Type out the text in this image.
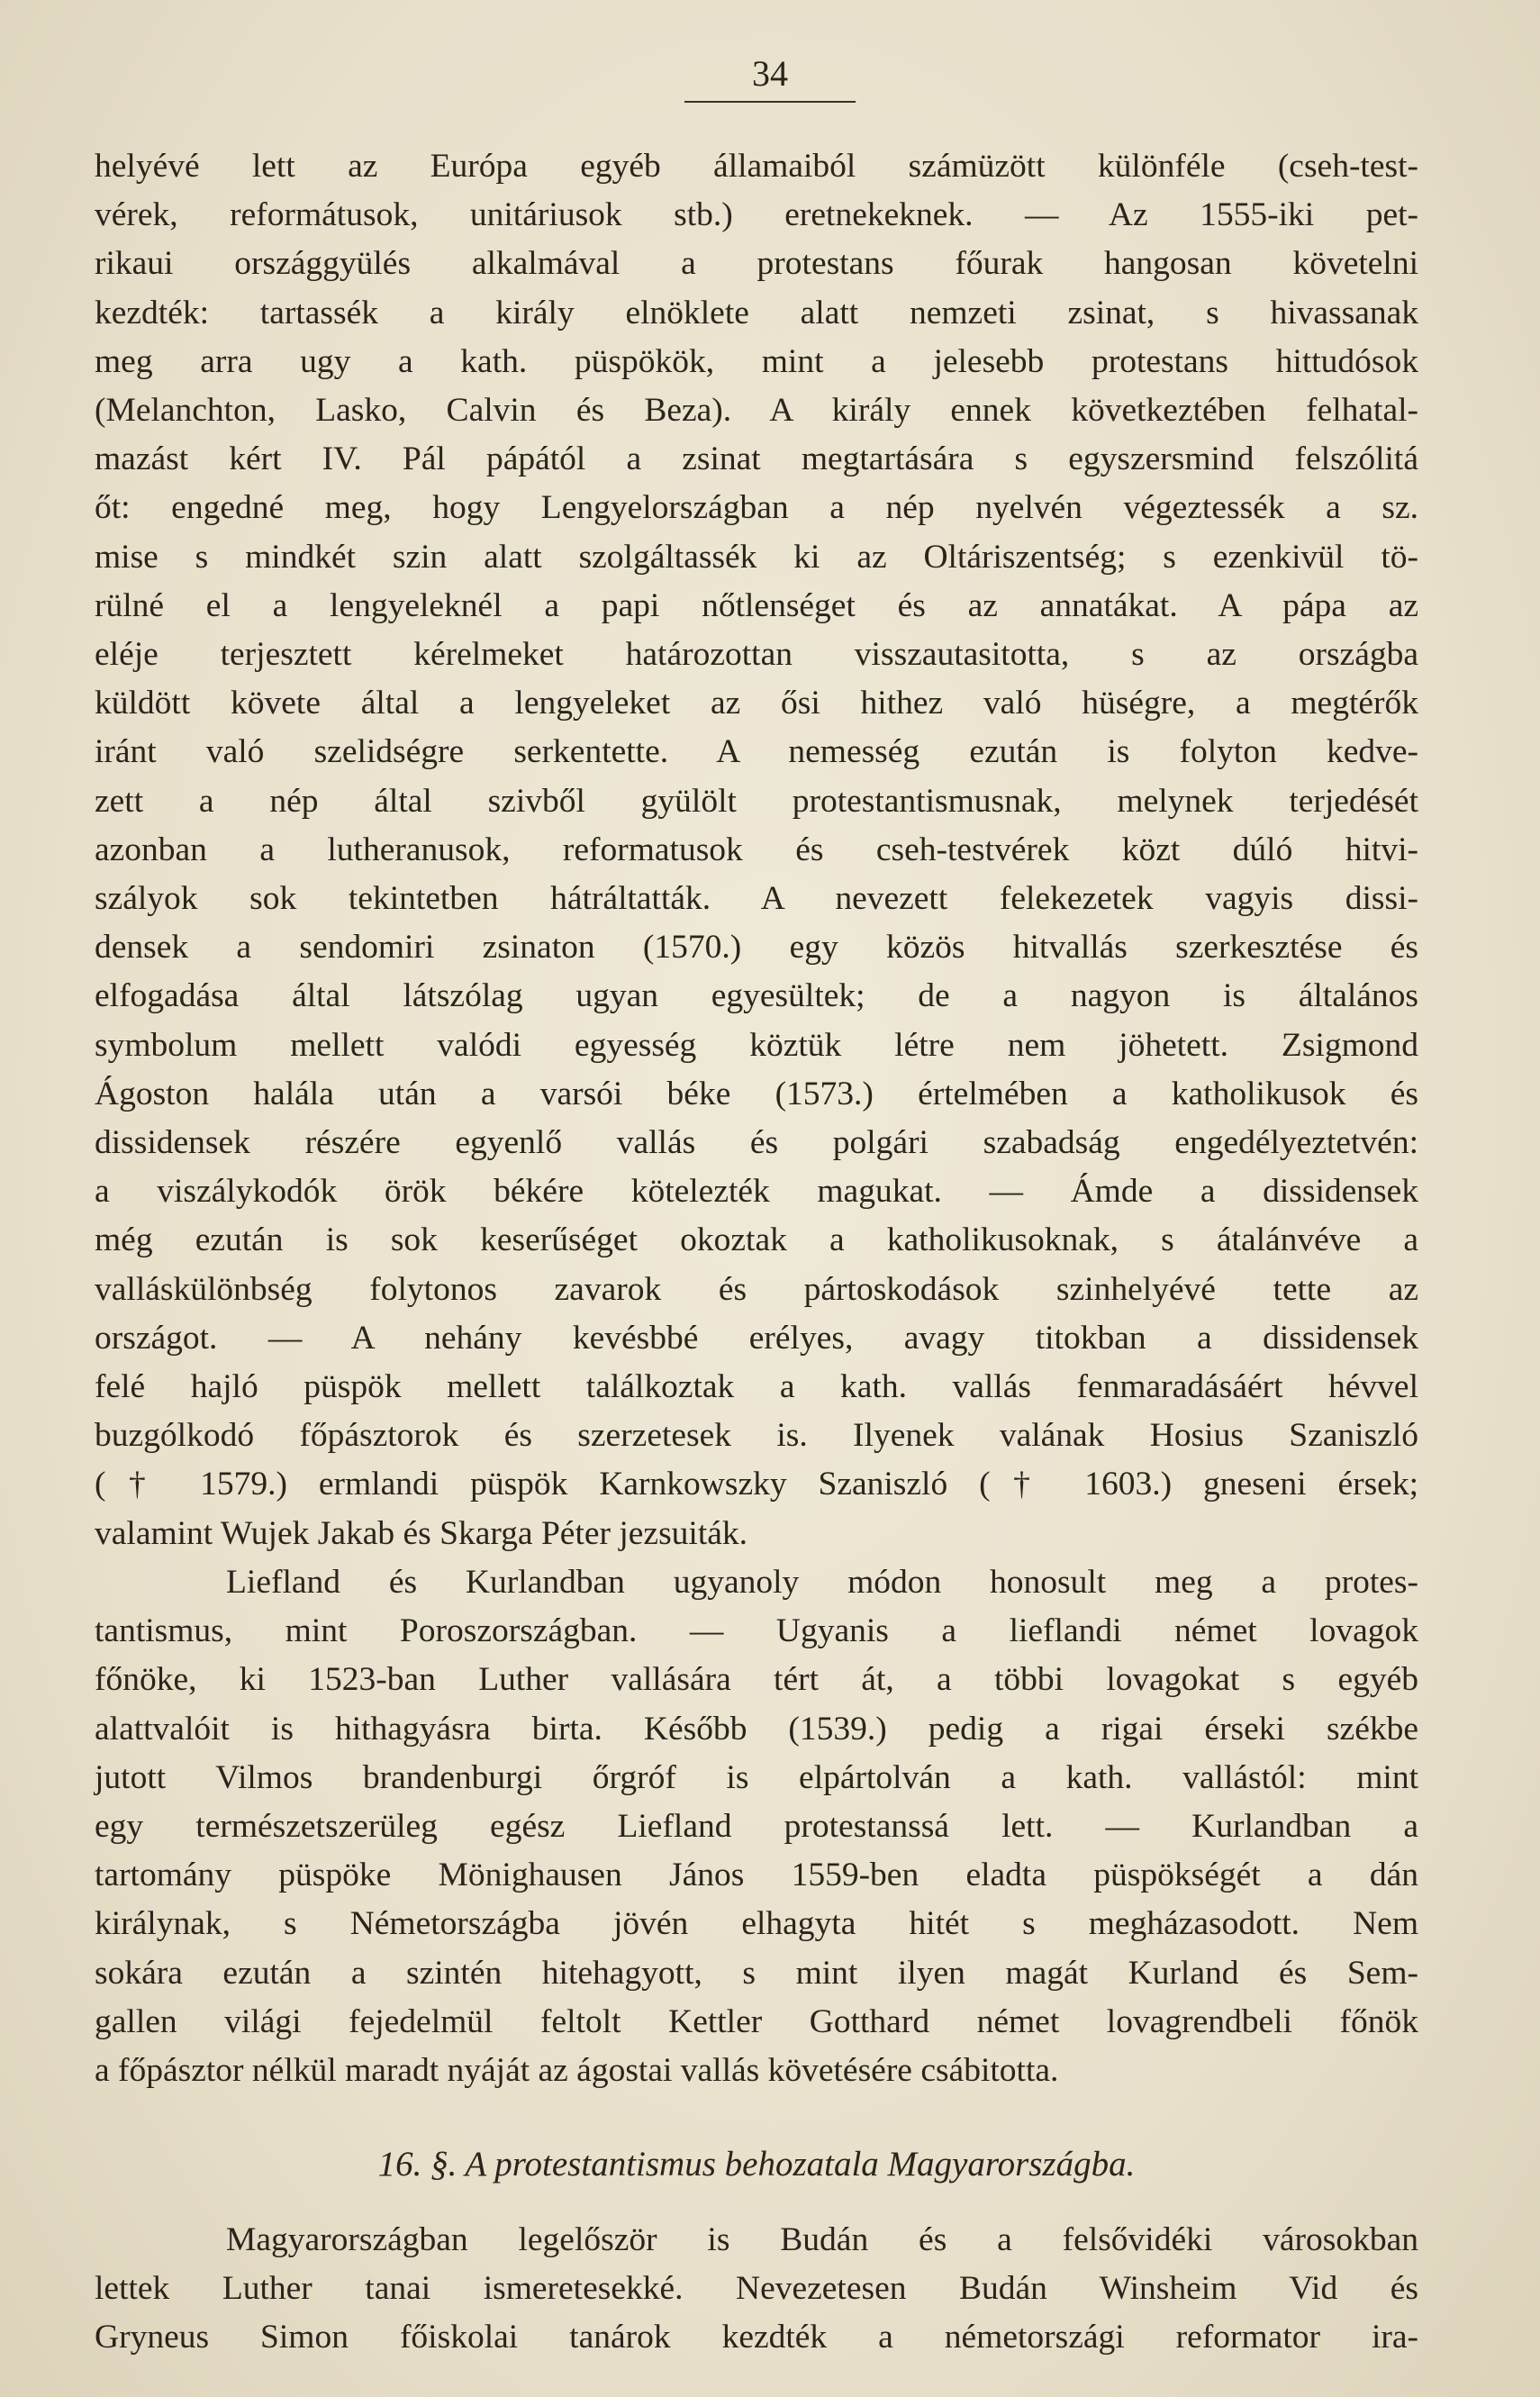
34
helyévé lett az Európa egyéb államaiból számüzött különféle (cseh-test-
vérek, reformátusok, unitáriusok stb.) eretnekeknek. — Az 1555-iki pet-
rikaui országgyülés alkalmával a protestans főurak hangosan követelni
kezdték: tartassék a király elnöklete alatt nemzeti zsinat, s hivassanak
meg arra ugy a kath. püspökök, mint a jelesebb protestans hittudósok
(Melanchton, Lasko, Calvin és Beza). A király ennek következtében felhatal-
mazást kért IV. Pál pápától a zsinat megtartására s egyszersmind felszólitá
őt: engedné meg, hogy Lengyelországban a nép nyelvén végeztessék a sz.
mise s mindkét szin alatt szolgáltassék ki az Oltáriszentség; s ezenkivül tö-
rülné el a lengyeleknél a papi nőtlenséget és az annatákat. A pápa az
eléje terjesztett kérelmeket határozottan visszautasitotta, s az országba
küldött követe által a lengyeleket az ősi hithez való hüségre, a megtérők
iránt való szelidségre serkentette. A nemesség ezután is folyton kedve-
zett a nép által szivből gyülölt protestantismusnak, melynek terjedését
azonban a lutheranusok, reformatusok és cseh-testvérek közt dúló hitvi-
szályok sok tekintetben hátráltatták. A nevezett felekezetek vagyis dissi-
densek a sendomiri zsinaton (1570.) egy közös hitvallás szerkesztése és
elfogadása által látszólag ugyan egyesültek; de a nagyon is általános
symbolum mellett valódi egyesség köztük létre nem jöhetett. Zsigmond
Ágoston halála után a varsói béke (1573.) értelmében a katholikusok és
dissidensek részére egyenlő vallás és polgári szabadság engedélyeztetvén:
a viszálykodók örök békére kötelezték magukat. — Ámde a dissidensek
még ezután is sok keserűséget okoztak a katholikusoknak, s átalánvéve a
valláskülönbség folytonos zavarok és pártoskodások szinhelyévé tette az
országot. — A nehány kevésbbé erélyes, avagy titokban a dissidensek
felé hajló püspök mellett találkoztak a kath. vallás fenmaradásáért hévvel
buzgólkodó főpásztorok és szerzetesek is. Ilyenek valának Hosius Szaniszló
(† 1579.) ermlandi püspök Karnkowszky Szaniszló († 1603.) gneseni érsek;
valamint Wujek Jakab és Skarga Péter jezsuiták.
Liefland és Kurlandban ugyanoly módon honosult meg a protes-
tantismus, mint Poroszországban. — Ugyanis a lieflandi német lovagok
főnöke, ki 1523-ban Luther vallására tért át, a többi lovagokat s egyéb
alattvalóit is hithagyásra birta. Később (1539.) pedig a rigai érseki székbe
jutott Vilmos brandenburgi őrgróf is elpártolván a kath. vallástól: mint
egy természetszerüleg egész Liefland protestanssá lett. — Kurlandban a
tartomány püspöke Mönighausen János 1559-ben eladta püspökségét a dán
királynak, s Németországba jövén elhagyta hitét s megházasodott. Nem
sokára ezután a szintén hitehagyott, s mint ilyen magát Kurland és Sem-
gallen világi fejedelmül feltolt Kettler Gotthard német lovagrendbeli főnök
a főpásztor nélkül maradt nyáját az ágostai vallás követésére csábitotta.
16. §. A protestantismus behozatala Magyarországba.
Magyarországban legelőször is Budán és a felsővidéki városokban
lettek Luther tanai ismeretesekké. Nevezetesen Budán Winsheim Vid és
Gryneus Simon főiskolai tanárok kezdték a németországi reformator ira-
